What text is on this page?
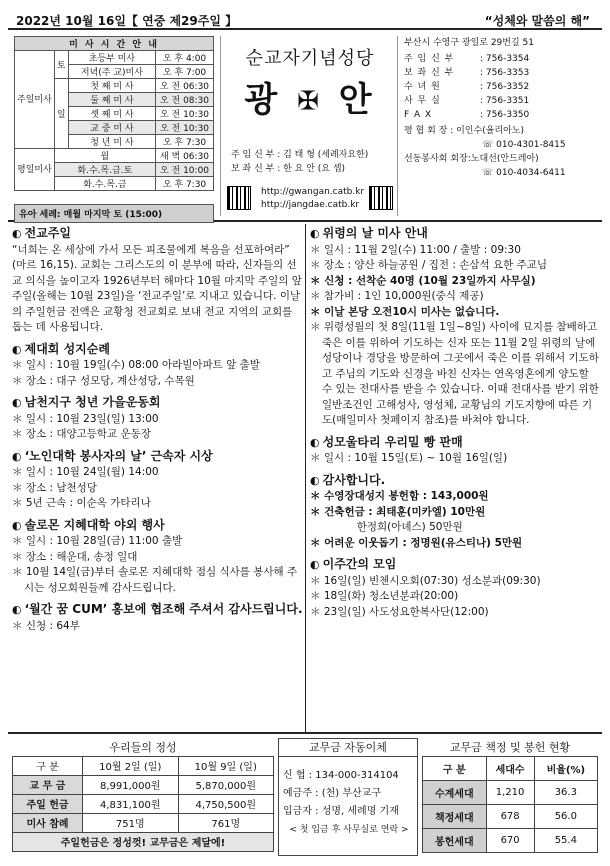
2022년 10월 16일【 연중 제29주일 】	“성체와 말씀의 해”
미 사 시 간 안 내			
주일미사	토	초등부 미사	오 후 4:00
		저녁(주 교)미사	오 후 7:00
	일	첫 째 미 사	오 전 06:30
		둘 째 미 사	오 전 08:30
		셋 째 미 사	오 전 10:30
		교 중 미 사	오 전 10:30
		청 년 미 사	오 후 7:30
평일미사	월		새 벽 06:30
	화.수.목.금.토		오 전 10:00
	화.수.목.금		오 후 7:30
유아 세례: 매월 마지막 토 (15:00)
순교자기념성당
광 ✠ 안
주 임 신 부 : 김 태 형 (세례자요한)
보 좌 신 부 : 한 요 안 (요 셉)
http://gwangan.catb.kr
http://jangdae.catb.kr
부산시 수영구 광일로 29번길 51
주 임 신 부	: 756-3354
보 좌 신 부	: 756-3353
수 녀 원	: 756-3352
사 무 실	: 756-3351
F A X	: 756-3350
평 협 회 장 : 이인수(율리아노)
☏ 010-4301-8415
선동봉사회 회장:노대선(안드레아)
☏ 010-4034-6411
◐ 전교주일

“너희는 온 세상에 가서 모든 피조물에게 복음을 선포하여라” (마르 16,15). 교회는 그리스도의 이 분부에 따라, 신자들의 선교 의식을 높이고자 1926년부터 해마다 10월 마지막 주일의 앞 주일(올해는 10월 23일)을 ‘전교주일’로 지내고 있습니다. 이날의 주일헌금 전액은 교황청 전교회로 보내 전교 지역의 교회를 돕는 데 사용됩니다.

◐ 제대회 성지순례
＊ 일시 : 10월 19일(수) 08:00 아라빌아파트 앞 출발
＊ 장소 : 대구 성모당, 계산성당, 수목원
◐ 남천지구 청년 가을운동회
＊ 일시 : 10월 23일(일) 13:00
＊ 장소 : 대양고등학교 운동장
◐ ‘노인대학 봉사자의 날’ 근속자 시상
＊ 일시 : 10월 24일(월) 14:00
＊ 장소 : 남천성당
＊ 5년 근속 : 이순옥 가타리나
◐ 솔로몬 지혜대학 야외 행사
＊ 일시 : 10월 28일(금) 11:00 출발
＊ 장소 : 해운대, 송정 일대
＊ 10월 14일(금)부터 솔로몬 지혜대학 점심 식사를 봉사해 주시는 성모회원들께 감사드립니다.
◐ ‘월간 꿈 CUM’ 홍보에 협조해 주셔서 감사드립니다.
＊ 신청 : 64부
◐ 위령의 날 미사 안내
＊ 일시 : 11월 2일(수) 11:00 / 출발 : 09:30
＊ 장소 : 양산 하늘공원 / 집전 : 손삼석 요한 주교님
＊ 신청 : 선착순 40명 (10월 23일까지 사무실)
＊ 참가비 : 1인 10,000원(중식 제공)
＊ 이날 본당 오전10시 미사는 없습니다.
＊ 위령성월의 첫 8일(11월 1일~8일) 사이에 묘지를 참배하고 죽은 이를 위하여 기도하는 신자 또는 11월 2일 위령의 날에 성당이나 경당을 방문하여 그곳에서 죽은 이를 위해서 기도하고 주님의 기도와 신경을 바친 신자는 연옥영혼에게 양도할 수 있는 전대사를 받을 수 있습니다. 이때 전대사를 받기 위한 일반조건인 고해성사, 영성체, 교황님의 기도지향에 따른 기도(매일미사 첫페이지 참조)를 바쳐야 합니다.
◐ 성모울타리 우리밀 빵 판매
＊ 일시 : 10월 15일(토) ~ 10월 16일(일)
◐ 감사합니다.
＊ 수영장대성지 봉헌함 : 143,000원
＊ 건축헌금 : 최태훈(미카엘) 10만원
한정희(아녜스) 50만원
＊ 어려운 이웃돕기 : 정명원(유스티나) 5만원
◐ 이주간의 모임
＊ 16일(일) 빈첸시오회(07:30) 성소분과(09:30)
＊ 18일(화) 청소년분과(20:00)
＊ 23일(일) 사도성요한복사단(12:00)
우리들의 정성		
구 분	10월 2일 (일)	10월 9일 (일)
교 무 금	8,991,000원	5,870,000원
주일 헌금	4,831,100원	4,750,500원
미사 참례	751명	761명
주일헌금은 정성껏! 교무금은 제달에!		
교무금 자동이체
신 협 : 134-000-314104
예금주 : (천) 부산교구
입금자 : 성명, 세례명 기재
< 첫 입금 후 사무실로 연락 >
교무금 책정 및 봉헌 현황		
구 분	세대수	비율(%)
수계세대	1,210	36.3
책정세대	678	56.0
봉헌세대	670	55.4
